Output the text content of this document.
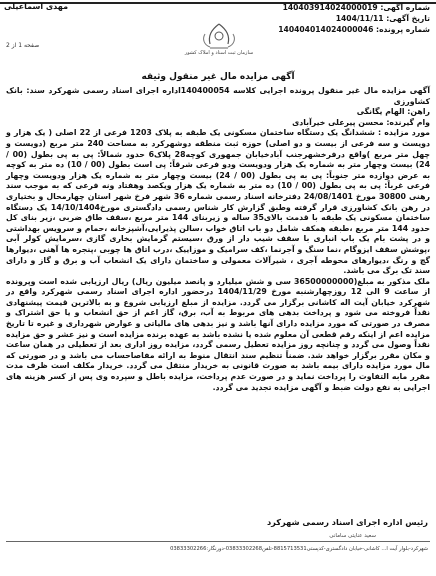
مهدی اسماعیلی	شماره آگهی: 140403914024000019
تاریخ آگهی: 1404/11/11
شماره پرونده: 140404014024000046
سازمان ثبت اسناد و املاک کشور
صفحه 1 از 2
آگهی مزایده مال غیر منقول وثیقه

آگهی مزایده مال غیر منقول پرونده اجرایی کلاسه 140400054اداره اجرای اسناد رسمی شهرکرد سند: بانک کشاورزی

راهن: الهام یگانگی

وام گیرنده: محسن پیرعلی خیرآبادی

مورد مزایده : ششدانگ یک دستگاه ساختمان مسکونی یک طبقه به پلاک 1203 فرعی از 22 اصلی ( یک هزار و دویست و سه فرعی از بیست و دو اصلی) حوزه ثبت منطقه دوشهرکرد به مساحت 240 متر مربع (دویست و چهل متر مربع )واقع درفرخشهرجنب آبادخیابان جمهوری کوچه28 پلاک6 حدود شمالاً: پی به پی بطول (00 / 24) بیست وچهار متر به شماره یک هزار ودویست ودو فرعی شرقاً: پی است بطول (00 / 10) ده متر به کوچه به عرض دوازده متر جنوباً: پی به پی بطول (00 / 24) بیست وچهار متر به شماره یک هزار ودویست وچهار فرعی غرباً: پی به پی بطول (00 / 10) ده متر به شماره یک هزار ویکصد وهفتاد ونه فرعی که به موجب سند رهنی 30800 مورخ 24/08/1401 دفترخانه اسناد رسمی شماره 36 شهر فرخ شهر استان چهارمحال و بختیاری در رهن بانک کشاورزی قرار گرفته وطبق گزارش کار شناس رسمی دادگستری مورخ14/10/1404 یک دستگاه ساختمان مسکونی یک طبقه با قدمت بالای35 ساله و زیربنای 144 متر مربع ،سقف طاق ضربی ،زیر بنای کل حدود 144 متر مربع ،طبقه همکف شامل دو باب اتاق خواب ،سالن پذیرایی،آشپزخانه ،حمام و سرویس بهداشتی و در پشت بام یک باب انباری با سقف شیب دار از ورق ،سیستم گرمایش بخاری گازی ،سرمایش کولر آبی ،پوشش سقف ایزوگام ،نما سنگ و آجرنما ،کف سرامیک و موزاییک ،درب اتاق ها چوبی ،پنجره ها آهنی ،دیوارها گچ و رنگ ،دیوارهای محوطه آجری ، شیرآلات معمولی و ساختمان دارای یک انشعاب آب و برق و گاز و دارای سند تک برگ می باشد.

ملک مذکور به مبلغ(36500000000 سی و شش میلیارد و پانصد میلیون ریال) ریال ارزیابی شده است وپرونده از ساعت 9 الی 12 روزچهارشنبه مورخ 1404/11/29 درحضور اداره اجرای اسناد رسمی شهرکرد واقع در شهرکرد خیابان آیت اله کاشانی برگزار می گردد. مزایده از مبلغ ارزیابی شروع و به بالاترین قیمت پیشنهادی نقداً فروخته می شود و پرداخت بدهی های مربوط به آب، برق، گاز اعم از حق انشعاب و یا حق اشتراک و مصرف در صورتی که مورد مزایده دارای آنها باشد و نیز بدهی های مالیاتی و عوارض شهرداری و غیره تا تاریخ مزایده اعم از اینکه رقم قطعی آن معلوم شده یا نشده باشد به عهده برنده مزایده است و نیز عشر و حق مزایده نقداً وصول می گردد و چنانچه روز مزایده تعطیل رسمی گردد، مزایده روز اداری بعد از تعطیلی در همان ساعت و مکان مقرر برگزار خواهد شد. ضمناً تنظیم سند انتقال منوط به ارائه مفاصاحساب می باشد و در صورتی که مال مورد مزایده دارای بیمه باشد به صورت قانونی به خریدار منتقل می گردد. خریدار مکلف است ظرف مدت مقرر مابه التفاوت را پرداخت نماید و در صورت عدم پرداخت، مزایده باطل و سپرده وی پس از کسر هزینه های اجرایی به نفع دولت ضبط و آگهی مزایده تجدید می گردد.

رئیس اداره اجرای اسناد رسمی شهرکرد
سعید عنایتی سامانی
شهرکرد-بلوار آیت ا... کاشانی-خیابان دادگستری-کدپستی8815713531-تلفن03833302268-دورنگار:03833302266
